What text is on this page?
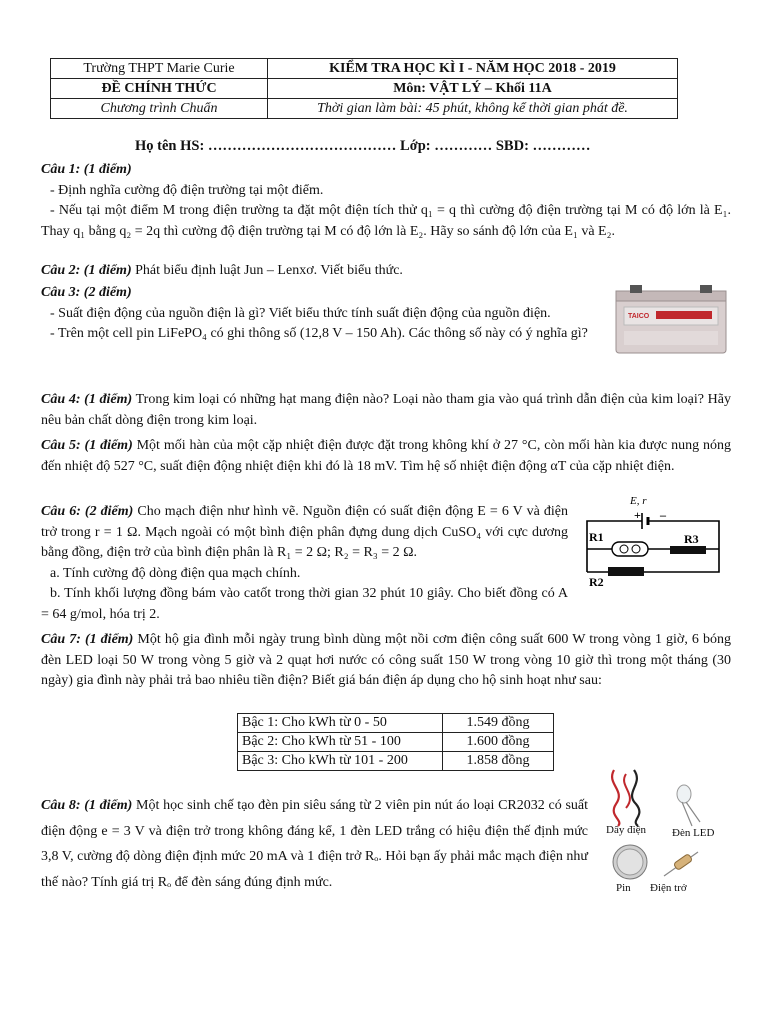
Trường THPT Marie Curie	KIỂM TRA HỌC KÌ I - NĂM HỌC 2018 - 2019
ĐỀ CHÍNH THỨC	Môn: VẬT LÝ – Khối 11A
Chương trình Chuẩn	Thời gian làm bài: 45 phút, không kể thời gian phát đề.
Họ tên HS: ………………………………… Lớp: ………… SBD: …………
Câu 1: (1 điểm)
- Định nghĩa cường độ điện trường tại một điểm.
- Nếu tại một điểm M trong điện trường ta đặt một điện tích thử q₁ = q thì cường độ điện trường tại M có độ lớn là E₁. Thay q₁ bằng q₂ = 2q thì cường độ điện trường tại M có độ lớn là E₂. Hãy so sánh độ lớn của E₁ và E₂.
Câu 2: (1 điểm) Phát biểu định luật Jun – Lenxơ. Viết biểu thức.
Câu 3: (2 điểm)
- Suất điện động của nguồn điện là gì? Viết biểu thức tính suất điện động của nguồn điện.
- Trên một cell pin LiFePO₄ có ghi thông số (12,8 V – 150 Ah). Các thông số này có ý nghĩa gì?
TAICO
Câu 4: (1 điểm) Trong kim loại có những hạt mang điện nào? Loại nào tham gia vào quá trình dẫn điện của kim loại? Hãy nêu bản chất dòng điện trong kim loại.
Câu 5: (1 điểm) Một mối hàn của một cặp nhiệt điện được đặt trong không khí ở 27 °C, còn mối hàn kia được nung nóng đến nhiệt độ 527 °C, suất điện động nhiệt điện khi đó là 18 mV. Tìm hệ số nhiệt điện động αT của cặp nhiệt điện.
Câu 6: (2 điểm) Cho mạch điện như hình vẽ. Nguồn điện có suất điện động E = 6 V và điện trở trong r = 1 Ω. Mạch ngoài có một bình điện phân đựng dung dịch CuSO₄ với cực dương bằng đồng, điện trở của bình điện phân là R₁ = 2 Ω; R₂ = R₃ = 2 Ω.
a. Tính cường độ dòng điện qua mạch chính.
b. Tính khối lượng đồng bám vào catốt trong thời gian 32 phút 10 giây. Cho biết đồng có A = 64 g/mol, hóa trị 2.
E, r
+ –
R1	R3
R2
Câu 7: (1 điểm) Một hộ gia đình mỗi ngày trung bình dùng một nồi cơm điện công suất 600 W trong vòng 1 giờ, 6 bóng đèn LED loại 50 W trong vòng 5 giờ và 2 quạt hơi nước có công suất 150 W trong vòng 10 giờ thì trong một tháng (30 ngày) gia đình này phải trả bao nhiêu tiền điện? Biết giá bán điện áp dụng cho hộ sinh hoạt như sau:
Bậc 1: Cho kWh từ 0 - 50	1.549 đồng
Bậc 2: Cho kWh từ 51 - 100	1.600 đồng
Bậc 3: Cho kWh từ 101 - 200	1.858 đồng
Câu 8: (1 điểm) Một học sinh chế tạo đèn pin siêu sáng từ 2 viên pin nút áo loại CR2032 có suất điện động e = 3 V và điện trở trong không đáng kể, 1 đèn LED trắng có hiệu điện thế định mức 3,8 V, cường độ dòng điện định mức 20 mA và 1 điện trở Rₒ. Hỏi bạn ấy phải mắc mạch điện như thế nào? Tính giá trị Rₒ để đèn sáng đúng định mức.
Dây điện Đèn LED
Pin Điện trở
